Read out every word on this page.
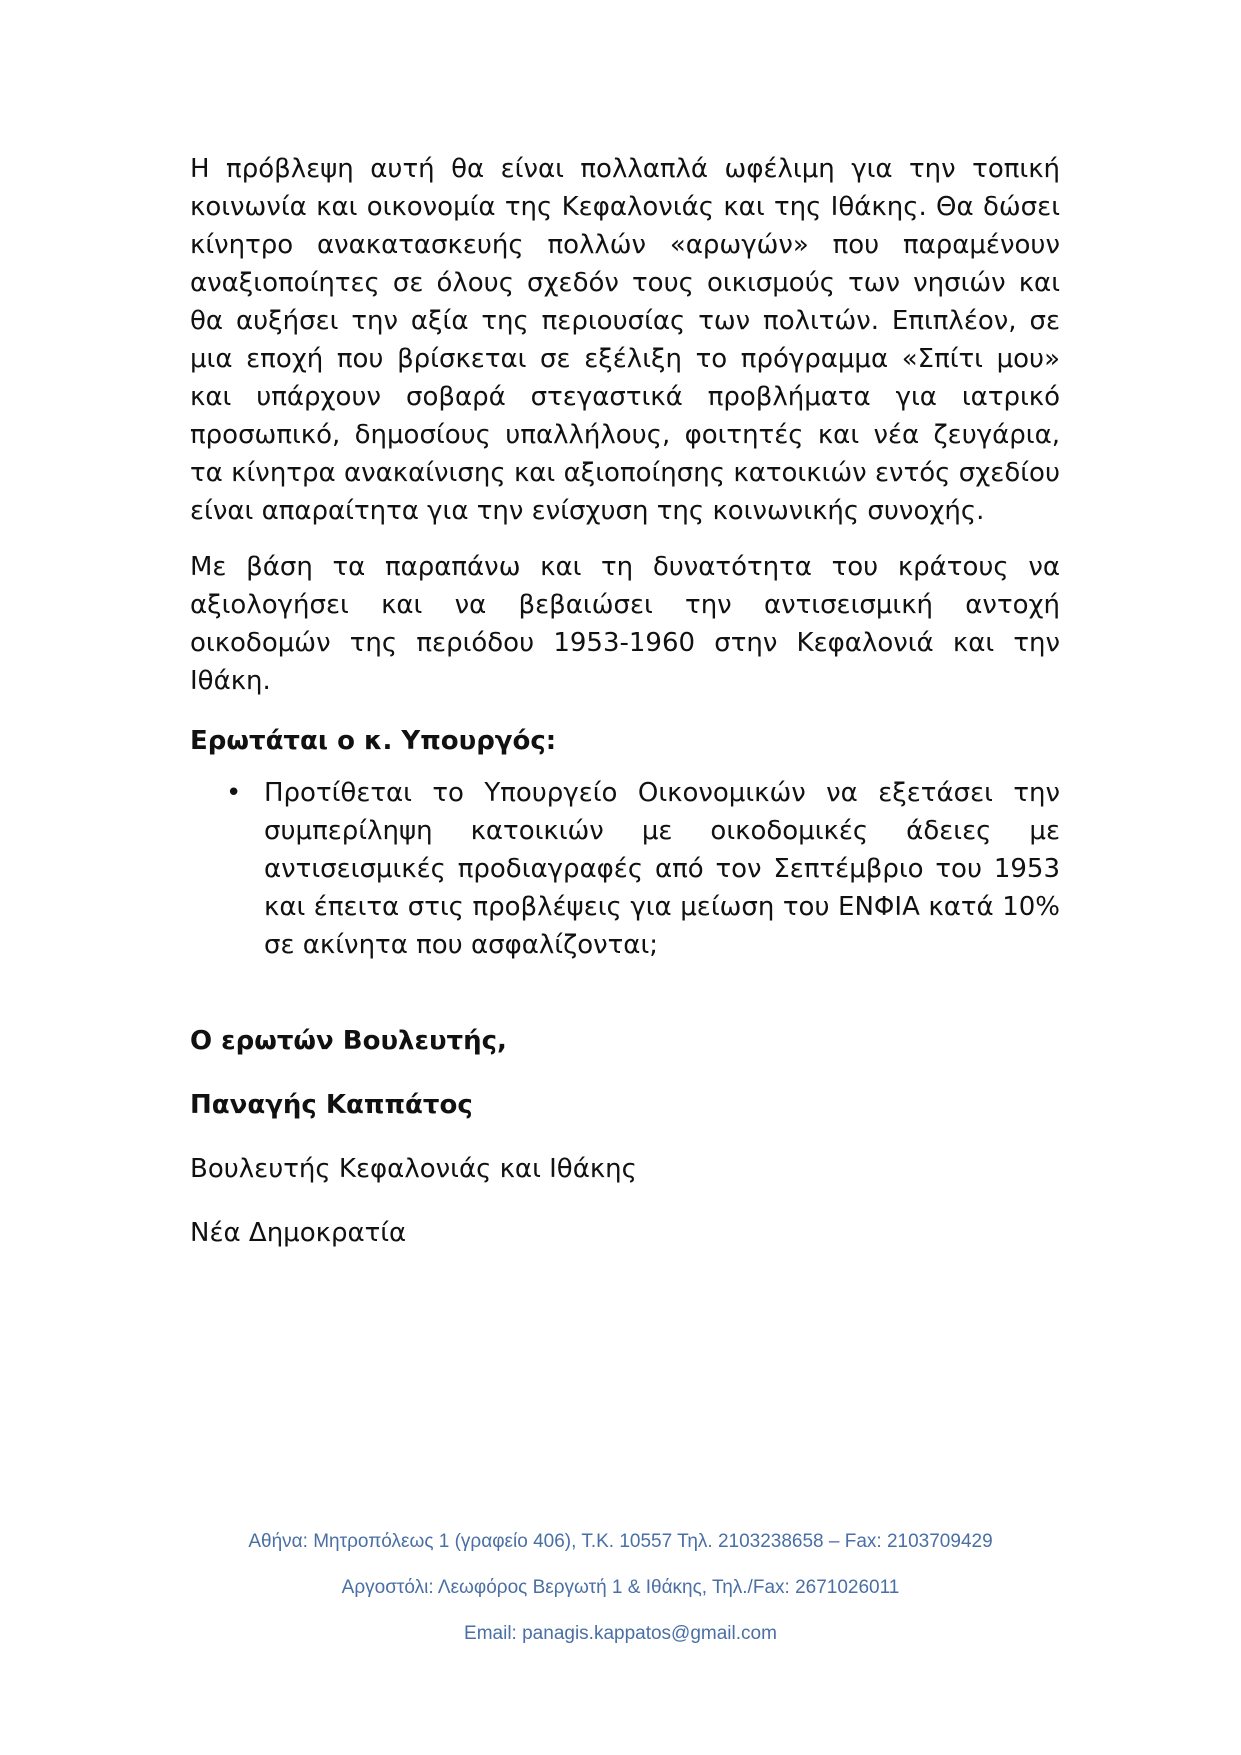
Η πρόβλεψη αυτή θα είναι πολλαπλά ωφέλιμη για την τοπική κοινωνία και οικονομία της Κεφαλονιάς και της Ιθάκης. Θα δώσει κίνητρο ανακατασκευής πολλών «αρωγών» που παραμένουν αναξιοποίητες σε όλους σχεδόν τους οικισμούς των νησιών και θα αυξήσει την αξία της περιουσίας των πολιτών. Επιπλέον, σε μια εποχή που βρίσκεται σε εξέλιξη το πρόγραμμα «Σπίτι μου» και υπάρχουν σοβαρά στεγαστικά προβλήματα για ιατρικό προσωπικό, δημοσίους υπαλλήλους, φοιτητές και νέα ζευγάρια, τα κίνητρα ανακαίνισης και αξιοποίησης κατοικιών εντός σχεδίου είναι απαραίτητα για την ενίσχυση της κοινωνικής συνοχής.

Με βάση τα παραπάνω και τη δυνατότητα του κράτους να αξιολογήσει και να βεβαιώσει την αντισεισμική αντοχή οικοδομών της περιόδου 1953-1960 στην Κεφαλονιά και την Ιθάκη.

Ερωτάται ο κ. Υπουργός:
• Προτίθεται το Υπουργείο Οικονομικών να εξετάσει την συμπερίληψη κατοικιών με οικοδομικές άδειες με αντισεισμικές προδιαγραφές από τον Σεπτέμβριο του 1953 και έπειτα στις προβλέψεις για μείωση του ΕΝΦΙΑ κατά 10% σε ακίνητα που ασφαλίζονται;
Ο ερωτών Βουλευτής,
Παναγής Καππάτος
Βουλευτής Κεφαλονιάς και Ιθάκης
Νέα Δημοκρατία
Αθήνα: Μητροπόλεως 1 (γραφείο 406), Τ.Κ. 10557 Τηλ. 2103238658 – Fax: 2103709429
Αργοστόλι: Λεωφόρος Βεργωτή 1 & Ιθάκης, Τηλ./Fax: 2671026011
Email: panagis.kappatos@gmail.com
